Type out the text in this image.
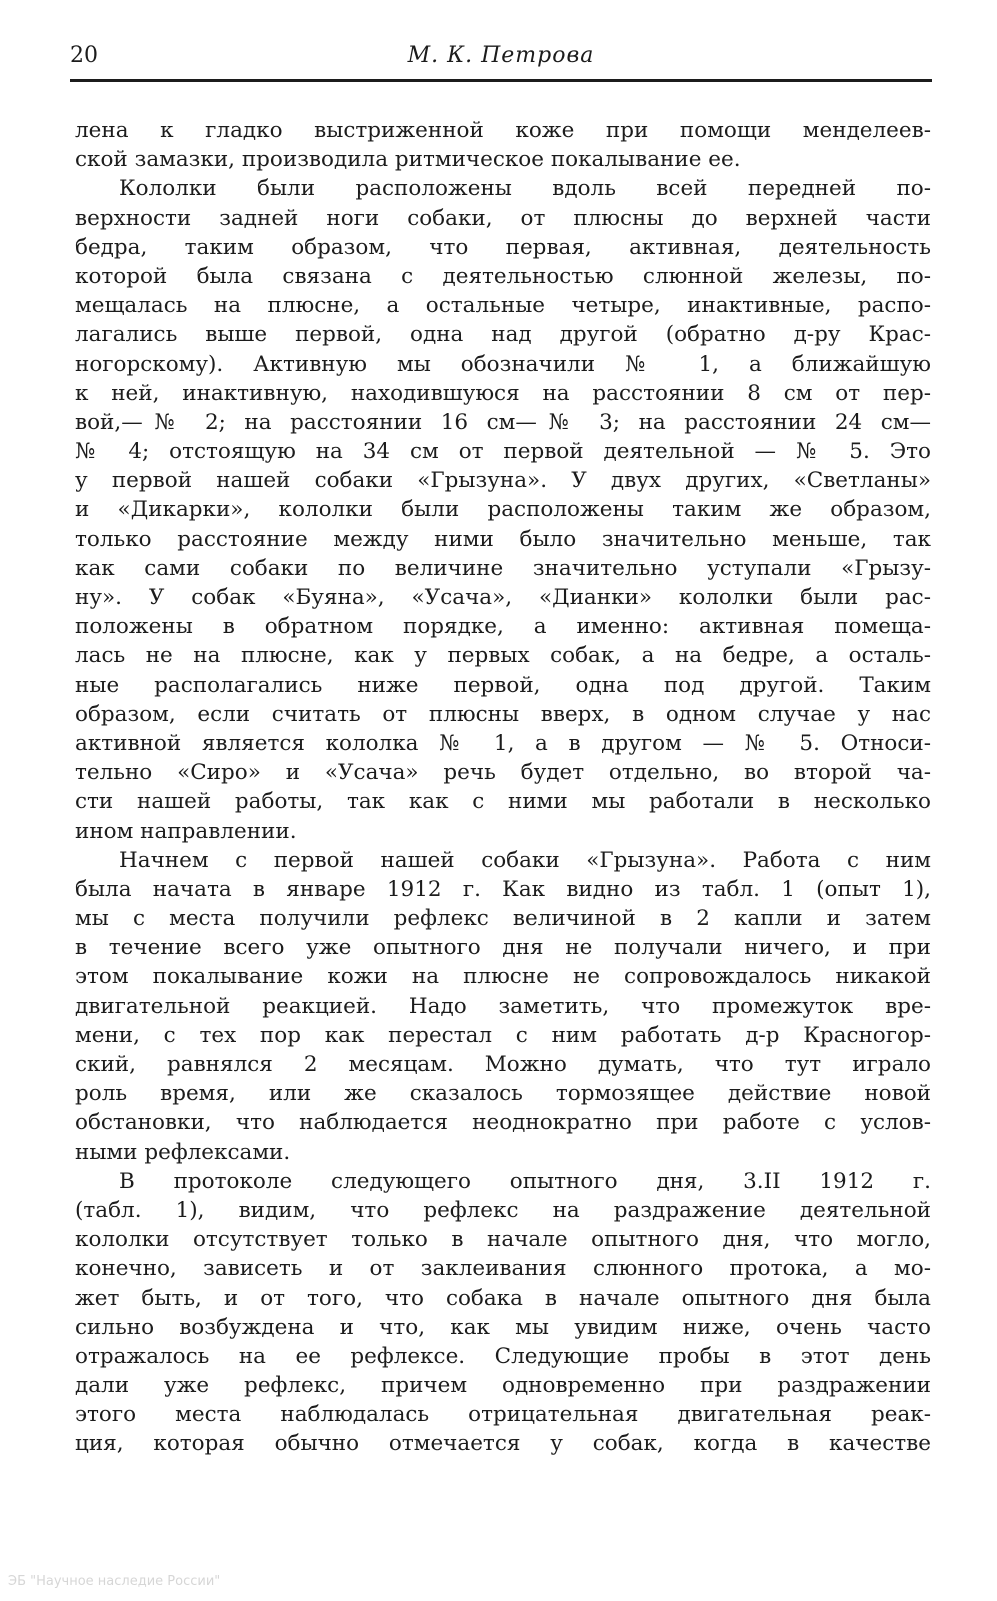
20	М. К. Петрова
лена к гладко выстриженной коже при помощи менделеев-
ской замазки, производила ритмическое покалывание ее.
Кололки были расположены вдоль всей передней по-
верхности задней ноги собаки, от плюсны до верхней части
бедра, таким образом, что первая, активная, деятельность
которой была связана с деятельностью слюнной железы, по-
мещалась на плюсне, а остальные четыре, инактивные, распо-
лагались выше первой, одна над другой (обратно д-ру Крас-
ногорскому). Активную мы обозначили № 1, а ближайшую
к ней, инактивную, находившуюся на расстоянии 8 см от пер-
вой,—№ 2; на расстоянии 16 см—№ 3; на расстоянии 24 см—
№ 4; отстоящую на 34 см от первой деятельной — № 5. Это
у первой нашей собаки «Грызуна». У двух других, «Светланы»
и «Дикарки», кололки были расположены таким же образом,
только расстояние между ними было значительно меньше, так
как сами собаки по величине значительно уступали «Грызу-
ну». У собак «Буяна», «Усача», «Дианки» кололки были рас-
положены в обратном порядке, а именно: активная помеща-
лась не на плюсне, как у первых собак, а на бедре, а осталь-
ные располагались ниже первой, одна под другой. Таким
образом, если считать от плюсны вверх, в одном случае у нас
активной является кололка № 1, а в другом — № 5. Относи-
тельно «Сиро» и «Усача» речь будет отдельно, во второй ча-
сти нашей работы, так как с ними мы работали в несколько
ином направлении.
Начнем с первой нашей собаки «Грызуна». Работа с ним
была начата в январе 1912 г. Как видно из табл. 1 (опыт 1),
мы с места получили рефлекс величиной в 2 капли и затем
в течение всего уже опытного дня не получали ничего, и при
этом покалывание кожи на плюсне не сопровождалось никакой
двигательной реакцией. Надо заметить, что промежуток вре-
мени, с тех пор как перестал с ним работать д-р Красногор-
ский, равнялся 2 месяцам. Можно думать, что тут играло
роль время, или же сказалось тормозящее действие новой
обстановки, что наблюдается неоднократно при работе с услов-
ными рефлексами.
В протоколе следующего опытного дня, 3.II 1912 г.
(табл. 1), видим, что рефлекс на раздражение деятельной
кололки отсутствует только в начале опытного дня, что могло,
конечно, зависеть и от заклеивания слюнного протока, а мо-
жет быть, и от того, что собака в начале опытного дня была
сильно возбуждена и что, как мы увидим ниже, очень часто
отражалось на ее рефлексе. Следующие пробы в этот день
дали уже рефлекс, причем одновременно при раздражении
этого места наблюдалась отрицательная двигательная реак-
ция, которая обычно отмечается у собак, когда в качестве
ЭБ "Научное наследие России"
